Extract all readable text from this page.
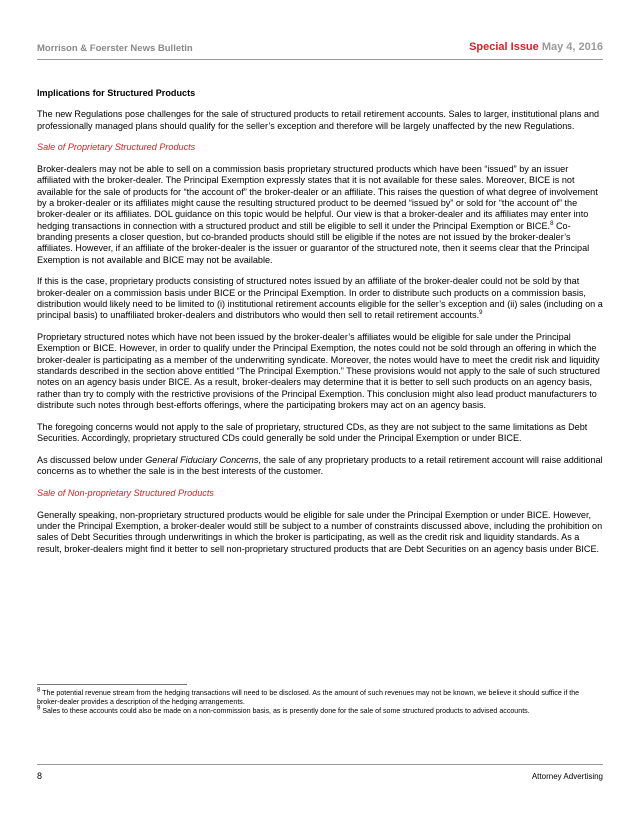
Morrison & Foerster News Bulletin	Special Issue May 4, 2016

Implications for Structured Products

The new Regulations pose challenges for the sale of structured products to retail retirement accounts. Sales to larger, institutional plans and professionally managed plans should qualify for the seller’s exception and therefore will be largely unaffected by the new Regulations.

Sale of Proprietary Structured Products

Broker-dealers may not be able to sell on a commission basis proprietary structured products which have been “issued” by an issuer affiliated with the broker-dealer. The Principal Exemption expressly states that it is not available for these sales. Moreover, BICE is not available for the sale of products for “the account of” the broker-dealer or an affiliate. This raises the question of what degree of involvement by a broker-dealer or its affiliates might cause the resulting structured product to be deemed “issued by” or sold for “the account of” the broker-dealer or its affiliates. DOL guidance on this topic would be helpful. Our view is that a broker-dealer and its affiliates may enter into hedging transactions in connection with a structured product and still be eligible to sell it under the Principal Exemption or BICE.$^8$ Co-branding presents a closer question, but co-branded products should still be eligible if the notes are not issued by the broker-dealer’s affiliates. However, if an affiliate of the broker-dealer is the issuer or guarantor of the structured note, then it seems clear that the Principal Exemption is not available and BICE may not be available.

If this is the case, proprietary products consisting of structured notes issued by an affiliate of the broker-dealer could not be sold by that broker-dealer on a commission basis under BICE or the Principal Exemption. In order to distribute such products on a commission basis, distribution would likely need to be limited to (i) institutional retirement accounts eligible for the seller’s exception and (ii) sales (including on a principal basis) to unaffiliated broker-dealers and distributors who would then sell to retail retirement accounts.$^9$

Proprietary structured notes which have not been issued by the broker-dealer’s affiliates would be eligible for sale under the Principal Exemption or BICE. However, in order to qualify under the Principal Exemption, the notes could not be sold through an offering in which the broker-dealer is participating as a member of the underwriting syndicate. Moreover, the notes would have to meet the credit risk and liquidity standards described in the section above entitled “The Principal Exemption.” These provisions would not apply to the sale of such structured notes on an agency basis under BICE. As a result, broker-dealers may determine that it is better to sell such products on an agency basis, rather than try to comply with the restrictive provisions of the Principal Exemption. This conclusion might also lead product manufacturers to distribute such notes through best-efforts offerings, where the participating brokers may act on an agency basis.

The foregoing concerns would not apply to the sale of proprietary, structured CDs, as they are not subject to the same limitations as Debt Securities. Accordingly, proprietary structured CDs could generally be sold under the Principal Exemption or under BICE.

As discussed below under General Fiduciary Concerns, the sale of any proprietary products to a retail retirement account will raise additional concerns as to whether the sale is in the best interests of the customer.

Sale of Non-proprietary Structured Products

Generally speaking, non-proprietary structured products would be eligible for sale under the Principal Exemption or under BICE. However, under the Principal Exemption, a broker-dealer would still be subject to a number of constraints discussed above, including the prohibition on sales of Debt Securities through underwritings in which the broker is participating, as well as the credit risk and liquidity standards. As a result, broker-dealers might find it better to sell non-proprietary structured products that are Debt Securities on an agency basis under BICE.

$^8$ The potential revenue stream from the hedging transactions will need to be disclosed. As the amount of such revenues may not be known, we believe it should suffice if the broker-dealer provides a description of the hedging arrangements.

$^9$ Sales to these accounts could also be made on a non-commission basis, as is presently done for the sale of some structured products to advised accounts.

8	Attorney Advertising
